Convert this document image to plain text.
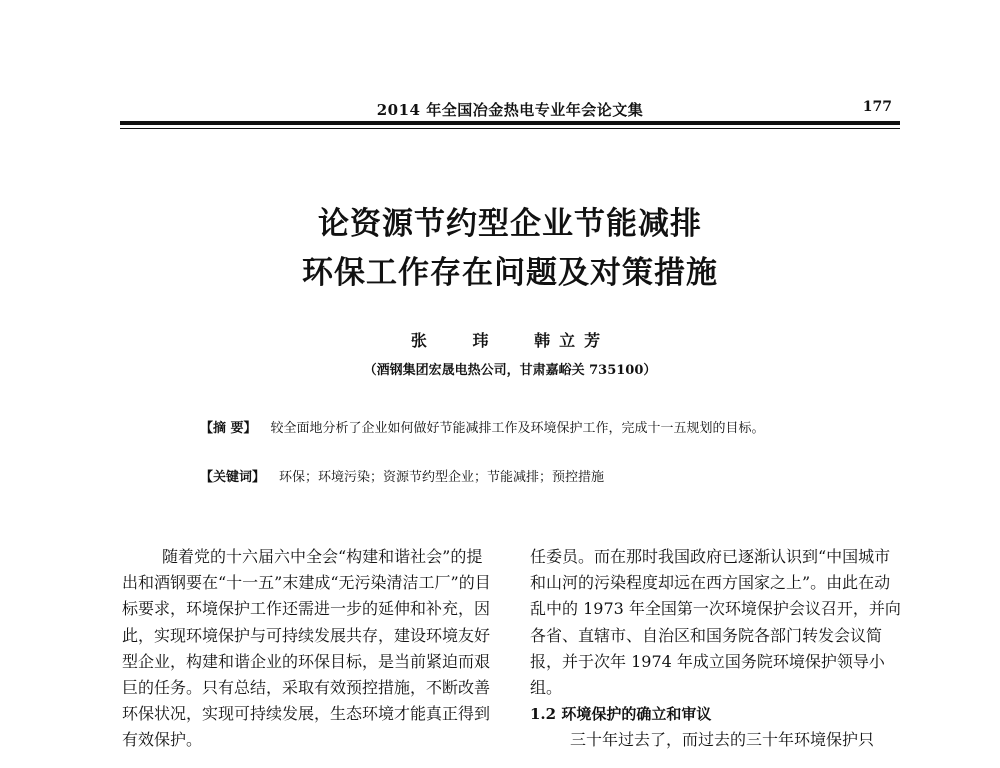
2014 年全国冶金热电专业年会论文集	177
论资源节约型企业节能减排
环保工作存在问题及对策措施
张 玮 韩立芳
（酒钢集团宏晟电热公司，甘肃嘉峪关 735100）
【摘 要】 较全面地分析了企业如何做好节能减排工作及环境保护工作，完成十一五规划的目标。
【关键词】 环保；环境污染；资源节约型企业；节能减排；预控措施

随着党的十六届六中全会“构建和谐社会”的提出和酒钢要在“十一五”末建成“无污染清洁工厂”的目标要求，环境保护工作还需进一步的延伸和补充，因此，实现环境保护与可持续发展共存，建设环境友好型企业，构建和谐企业的环保目标，是当前紧迫而艰巨的任务。只有总结，采取有效预控措施，不断改善环保状况，实现可持续发展，生态环境才能真正得到有效保护。

任委员。而在那时我国政府已逐渐认识到“中国城市和山河的污染程度却远在西方国家之上”。由此在动乱中的 1973 年全国第一次环境保护会议召开，并向各省、直辖市、自治区和国务院各部门转发会议简报，并于次年 1974 年成立国务院环境保护领导小组。

1.2 环境保护的确立和审议

三十年过去了，而过去的三十年环境保护只
